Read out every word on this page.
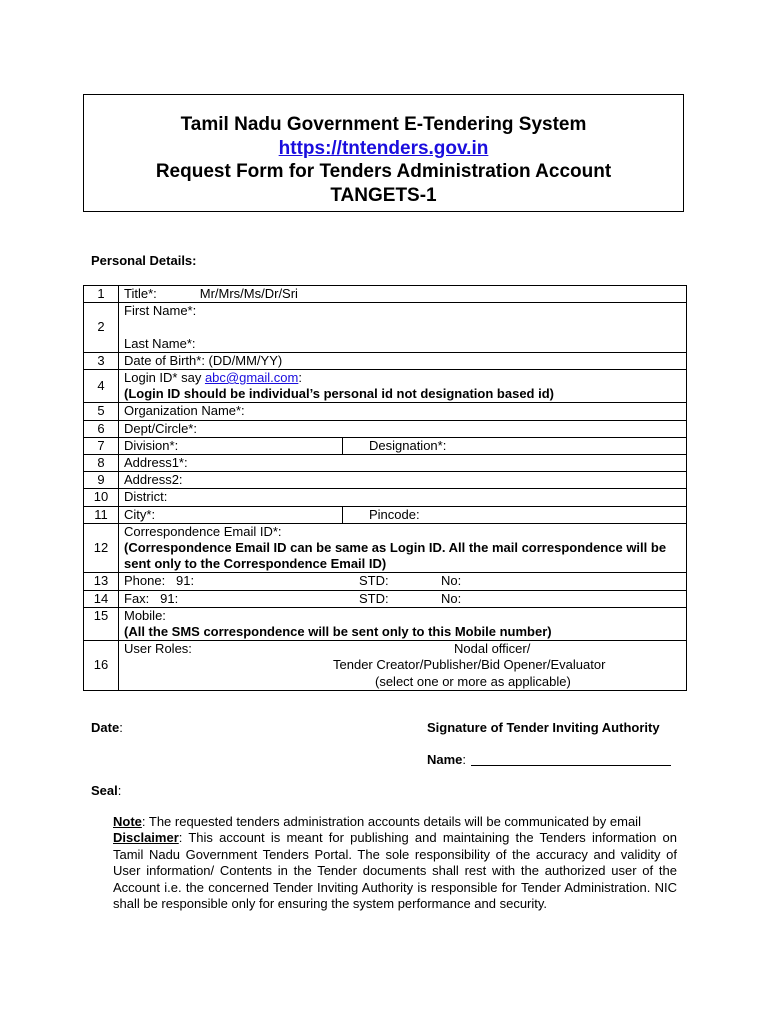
Tamil Nadu Government E-Tendering System
https://tntenders.gov.in
Request Form for Tenders Administration Account
TANGETS-1
Personal Details:
1	Title*: Mr/Mrs/Ms/Dr/Sri	
2	First Name*:

Last Name*:	

3	Date of Birth*: (DD/MM/YY)	
4	Login ID* say abc@gmail.com:
(Login ID should be individual’s personal id not designation based id)	

5	Organization Name*:	
6	Dept/Circle*:	
7	Division*:	Designation*:
8	Address1*:	
9	Address2:	
10	District:	
11	City*:	Pincode:
12	Correspondence Email ID*:
(Correspondence Email ID can be same as Login ID. All the mail correspondence will be sent only to the Correspondence Email ID)	

13	Phone: 91: STD: No:	

14	Fax: 91: STD: No:	

15	Mobile:
(All the SMS correspondence will be sent only to this Mobile number)	

16	User Roles: Nodal officer/
Tender Creator/Publisher/Bid Opener/Evaluator
(select one or more as applicable)	
Date:	Signature of Tender Inviting Authority
Name:
Seal:

Note: The requested tenders administration accounts details will be communicated by email

Disclaimer: This account is meant for publishing and maintaining the Tenders information on Tamil Nadu Government Tenders Portal. The sole responsibility of the accuracy and validity of User information/ Contents in the Tender documents shall rest with the authorized user of the Account i.e. the concerned Tender Inviting Authority is responsible for Tender Administration. NIC shall be responsible only for ensuring the system performance and security.
